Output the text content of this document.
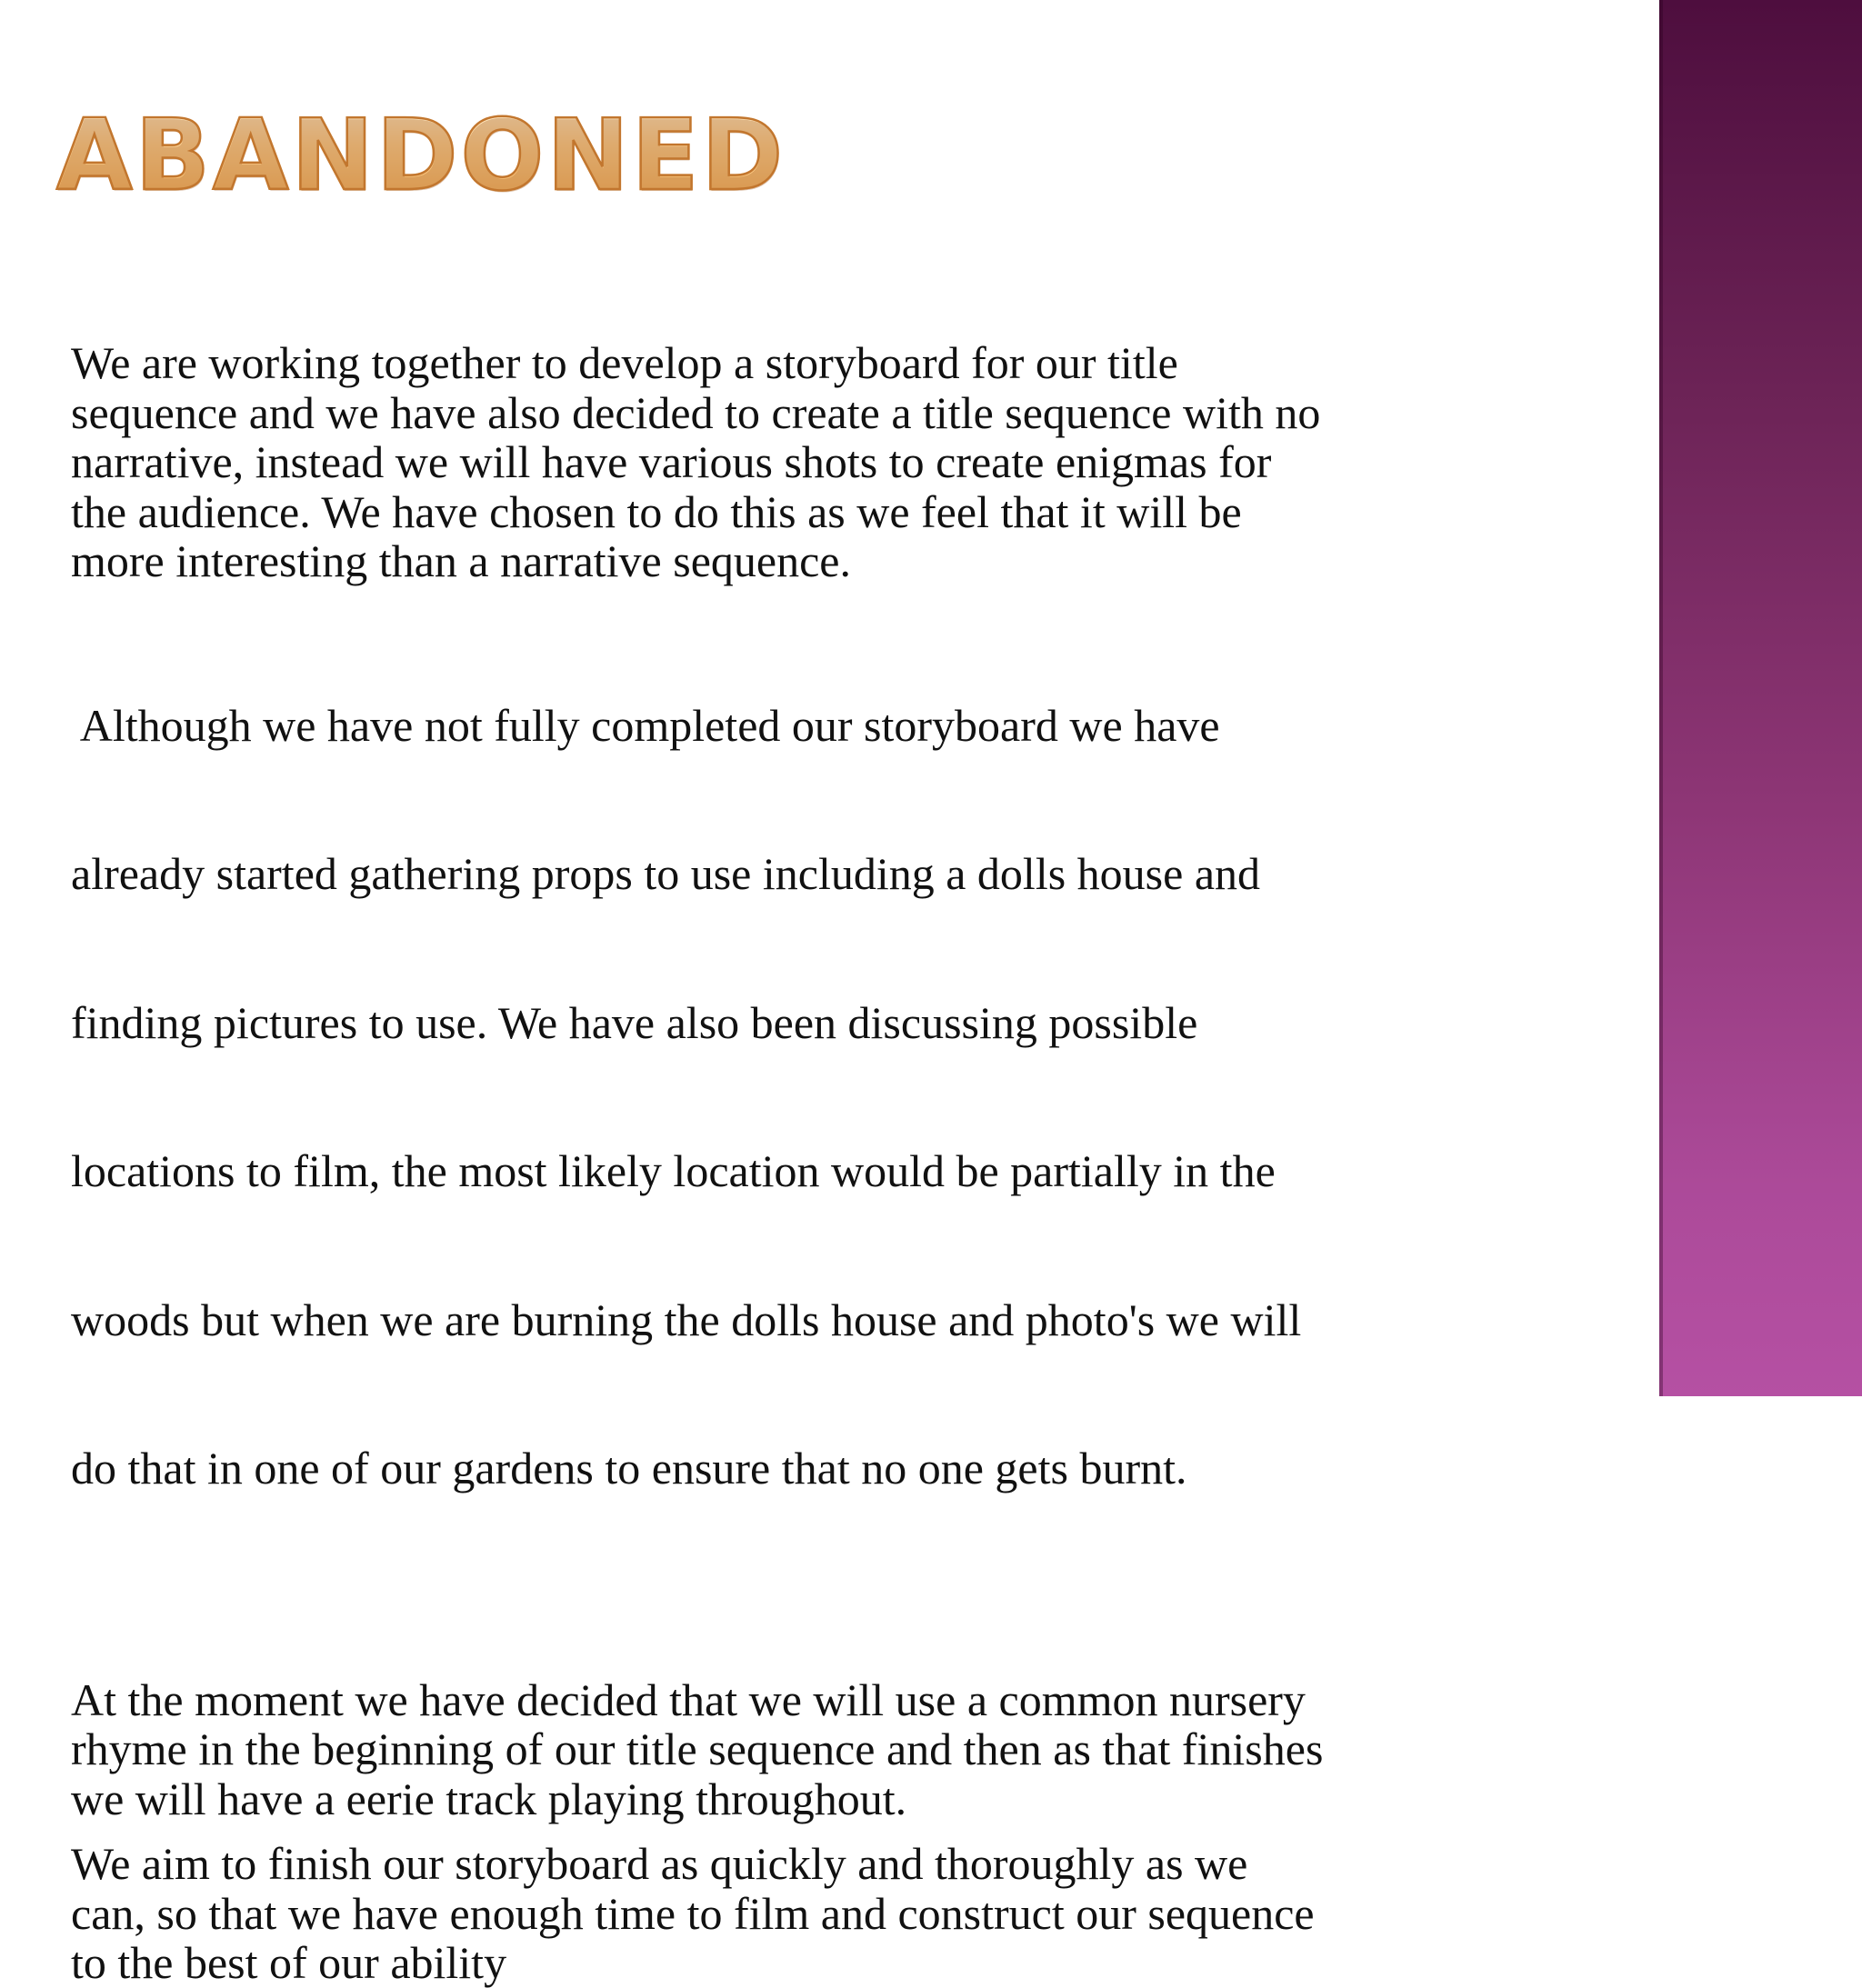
ABANDONED

We are working together to develop a storyboard for our title
sequence and we have also decided to create a title sequence with no
narrative, instead we will have various shots to create enigmas for
the audience. We have chosen to do this as we feel that it will be
more interesting than a narrative sequence.

Although we have not fully completed our storyboard we have

already started gathering props to use including a dolls house and

finding pictures to use. We have also been discussing possible

locations to film, the most likely location would be partially in the

woods but when we are burning the dolls house and photo's we will

do that in one of our gardens to ensure that no one gets burnt.

At the moment we have decided that we will use a common nursery
rhyme in the beginning of our title sequence and then as that finishes
we will have a eerie track playing throughout.

We aim to finish our storyboard as quickly and thoroughly as we
can, so that we have enough time to film and construct our sequence
to the best of our ability
